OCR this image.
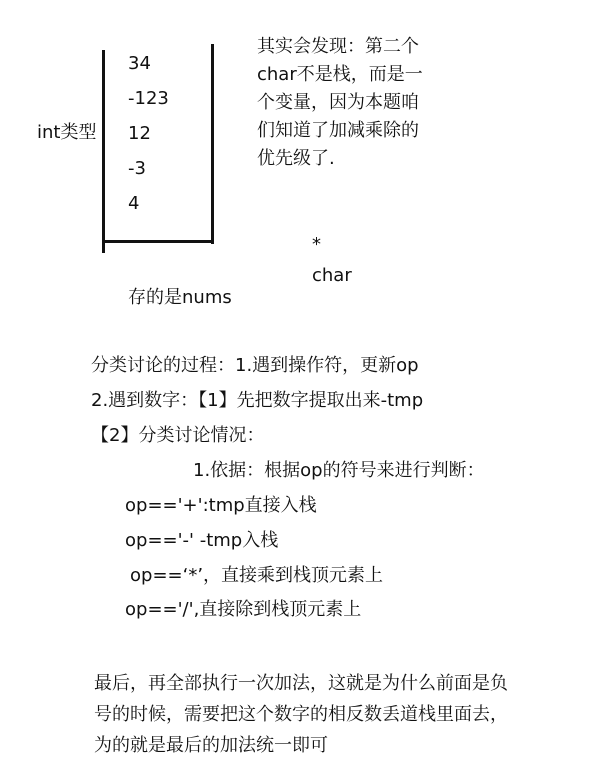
int类型
34
-123
12
-3
4
存的是nums
其实会发现：第二个
char不是栈，而是一
个变量，因为本题咱
们知道了加减乘除的
优先级了.
*
char
分类讨论的过程：1.遇到操作符，更新op
2.遇到数字：【1】先把数字提取出来-tmp
【2】分类讨论情况：
1.依据：根据op的符号来进行判断：
op=='+':tmp直接入栈
op=='-' -tmp入栈
op==‘*’，直接乘到栈顶元素上
op=='/',直接除到栈顶元素上
最后，再全部执行一次加法，这就是为什么前面是负
号的时候，需要把这个数字的相反数丢道栈里面去，
为的就是最后的加法统一即可
